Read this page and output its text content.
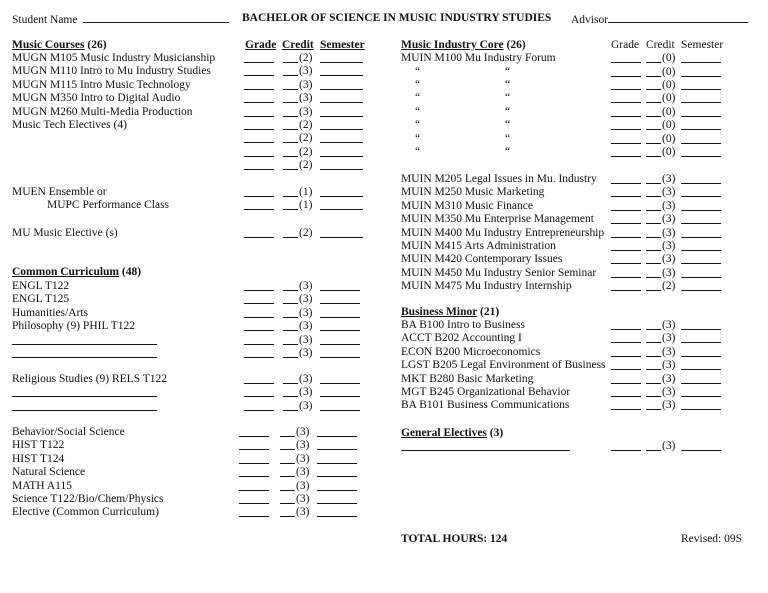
Student Name	BACHELOR OF SCIENCE IN MUSIC INDUSTRY STUDIES Advisor
TOTAL HOURS: 124	Revised: 09S
Music Courses (26)	Grade Credit Semester
MUGN M105 Music Industry Musicianship	(2)
MUGN M110 Intro to Mu Industry Studies	(3)
MUGN M115 Intro Music Technology	(3)
MUGN M350 Intro to Digital Audio	(3)
MUGN M260 Multi-Media Production	(3)
Music Tech Electives (4)	(2)
(2)
(2)
(2)
MUEN Ensemble or	(1)
MUPC Performance Class	(1)
MU Music Elective (s)	(2)
Common Curriculum (48)
ENGL T122	(3)
ENGL T125	(3)
Humanities/Arts	(3)
Philosophy (9) PHIL T122	(3)
(3)
(3)
Religious Studies (9) RELS T122	(3)
(3)
(3)
Behavior/Social Science	(3)
HIST T122	(3)
HIST T124	(3)
Natural Science	(3)
MATH A115	(3)
Science T122/Bio/Chem/Physics	(3)
Elective (Common Curriculum)	(3)
Music Industry Core (26)	Grade Credit Semester
MUIN M100 Mu Industry Forum	(0)
“	“	(0)
“	“	(0)
“	“	(0)
“	“	(0)
“	“	(0)
“	“	(0)
“	“	(0)
MUIN M205 Legal Issues in Mu. Industry	(3)
MUIN M250 Music Marketing	(3)
MUIN M310 Music Finance	(3)
MUIN M350 Mu Enterprise Management	(3)
MUIN M400 Mu Industry Entrepreneurship	(3)
MUIN M415 Arts Administration	(3)
MUIN M420 Contemporary Issues	(3)
MUIN M450 Mu Industry Senior Seminar	(3)
MUIN M475 Mu Industry Internship	(2)
Business Minor (21)
BA B100 Intro to Business	(3)
ACCT B202 Accounting I	(3)
ECON B200 Microeconomics	(3)
LGST B205 Legal Environment of Business	(3)
MKT B280 Basic Marketing	(3)
MGT B245 Organizational Behavior	(3)
BA B101 Business Communications	(3)
General Electives (3)
(3)
